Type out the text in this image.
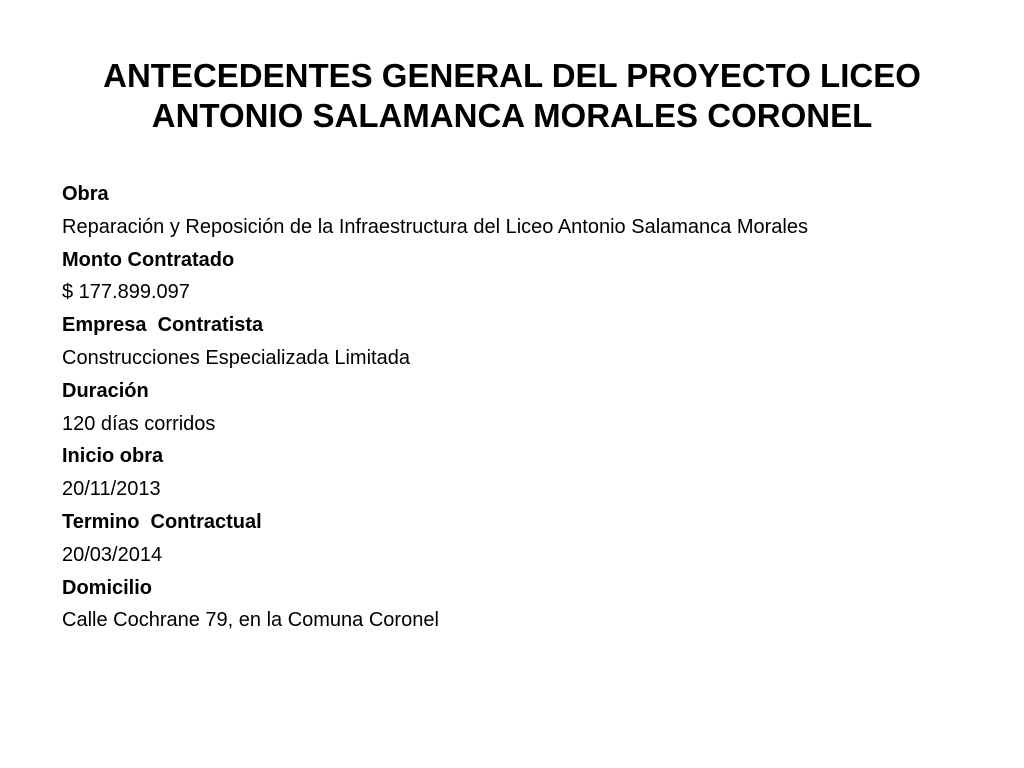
ANTECEDENTES GENERAL DEL PROYECTO LICEO
ANTONIO SALAMANCA MORALES CORONEL
Obra
Reparación y Reposición de la Infraestructura del Liceo Antonio Salamanca Morales
Monto Contratado
$ 177.899.097
Empresa  Contratista
Construcciones Especializada Limitada
Duración
120 días corridos
Inicio obra
20/11/2013
Termino  Contractual
20/03/2014
Domicilio
Calle Cochrane 79, en la Comuna Coronel
